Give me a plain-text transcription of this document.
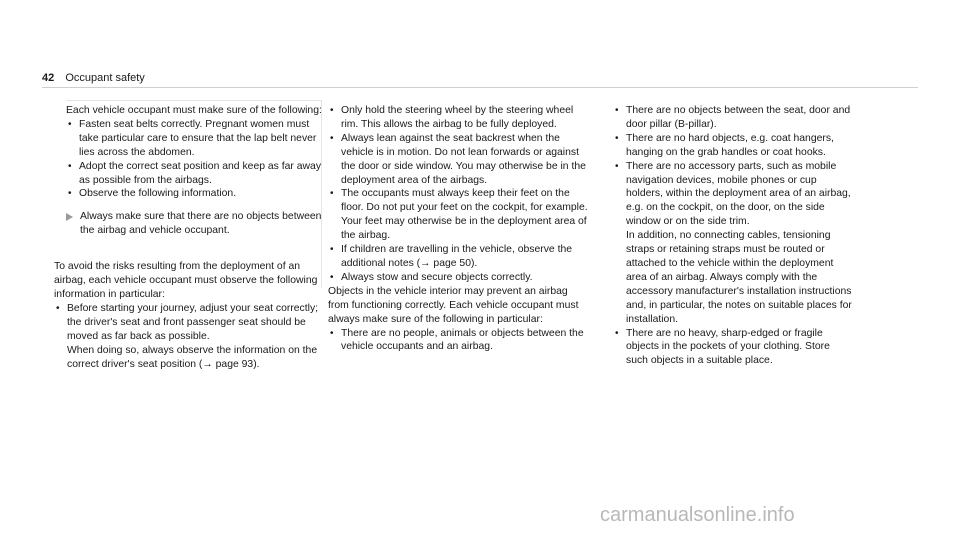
42 Occupant safety

Each vehicle occupant must make sure of the following:

• Fasten seat belts correctly. Pregnant women must take particular care to ensure that the lap belt never lies across the abdomen.
• Adopt the correct seat position and keep as far away as possible from the airbags.
• Observe the following information.
Always make sure that there are no objects between the airbag and vehicle occupant.

To avoid the risks resulting from the deployment of an airbag, each vehicle occupant must observe the following information in particular:

• Before starting your journey, adjust your seat correctly; the driver's seat and front passenger seat should be moved as far back as possible.

When doing so, always observe the information on the correct driver's seat position (→ page 93).

• Only hold the steering wheel by the steering wheel rim. This allows the airbag to be fully deployed.
• Always lean against the seat backrest when the vehicle is in motion. Do not lean forwards or against the door or side window. You may otherwise be in the deployment area of the airbags.
• The occupants must always keep their feet on the floor. Do not put your feet on the cockpit, for example. Your feet may otherwise be in the deployment area of the airbag.
• If children are travelling in the vehicle, observe the additional notes (→ page 50).
• Always stow and secure objects correctly.

Objects in the vehicle interior may prevent an airbag from functioning correctly. Each vehicle occupant must always make sure of the following in particular:

• There are no people, animals or objects between the vehicle occupants and an airbag.
• There are no objects between the seat, door and door pillar (B-pillar).
• There are no hard objects, e.g. coat hangers, hanging on the grab handles or coat hooks.
• There are no accessory parts, such as mobile navigation devices, mobile phones or cup holders, within the deployment area of an airbag, e.g. on the cockpit, on the door, on the side window or on the side trim.

In addition, no connecting cables, tensioning straps or retaining straps must be routed or attached to the vehicle within the deployment area of an airbag. Always comply with the accessory manufacturer's installation instructions and, in particular, the notes on suitable places for installation.

• There are no heavy, sharp-edged or fragile objects in the pockets of your clothing. Store such objects in a suitable place.
carmanualsonline.info
